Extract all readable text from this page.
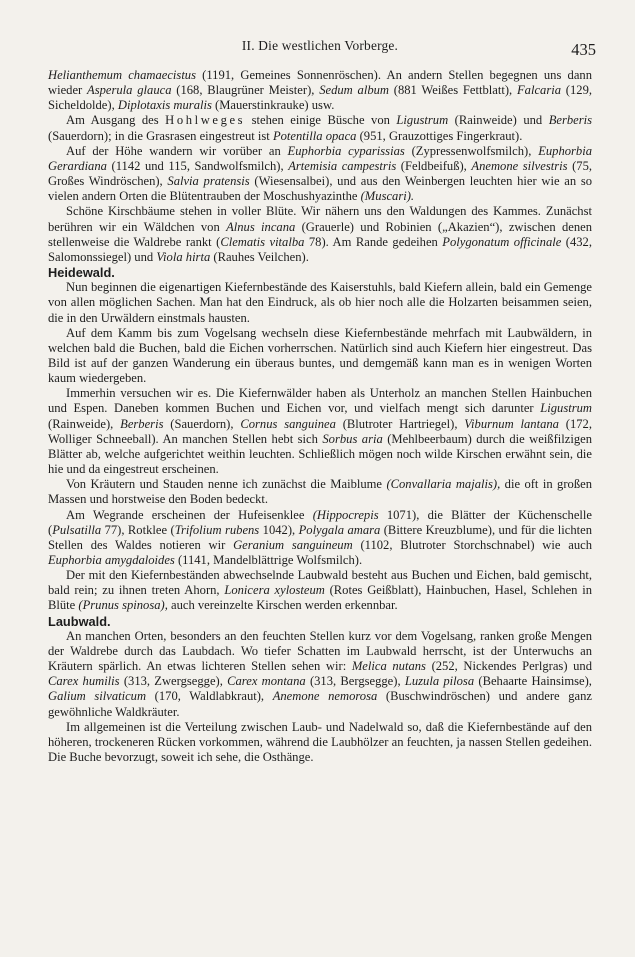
II. Die westlichen Vorberge.	435

Helianthemum chamaecistus (1191, Gemeines Sonnenröschen). An andern Stellen begegnen uns dann wieder Asperula glauca (168, Blaugrüner Meister), Sedum album (881 Weißes Fettblatt), Falcaria (129, Sicheldolde), Diplotaxis muralis (Mauerstinkrauke) usw.

Am Ausgang des Hohlweges stehen einige Büsche von Ligustrum (Rainweide) und Berberis (Sauerdorn); in die Grasrasen eingestreut ist Potentilla opaca (951, Grauzottiges Fingerkraut).

Auf der Höhe wandern wir vorüber an Euphorbia cyparissias (Zypressenwolfsmilch), Euphorbia Gerardiana (1142 und 115, Sandwolfsmilch), Artemisia campestris (Feldbeifuß), Anemone silvestris (75, Großes Windröschen), Salvia pratensis (Wiesensalbei), und aus den Weinbergen leuchten hier wie an so vielen andern Orten die Blütentrauben der Moschushyazinthe (Muscari).

Schöne Kirschbäume stehen in voller Blüte. Wir nähern uns den Waldungen des Kammes. Zunächst berühren wir ein Wäldchen von Alnus incana (Grauerle) und Robinien („Akazien“), zwischen denen stellenweise die Waldrebe rankt (Clematis vitalba 78). Am Rande gedeihen Polygonatum officinale (432, Salomonssiegel) und Viola hirta (Rauhes Veilchen).

Heidewald.

Nun beginnen die eigenartigen Kiefernbestände des Kaiserstuhls, bald Kiefern allein, bald ein Gemenge von allen möglichen Sachen. Man hat den Eindruck, als ob hier noch alle die Holzarten beisammen seien, die in den Urwäldern einstmals hausten.

Auf dem Kamm bis zum Vogelsang wechseln diese Kiefernbestände mehrfach mit Laubwäldern, in welchen bald die Buchen, bald die Eichen vorherrschen. Natürlich sind auch Kiefern hier eingestreut. Das Bild ist auf der ganzen Wanderung ein überaus buntes, und demgemäß kann man es in wenigen Worten kaum wiedergeben.

Immerhin versuchen wir es. Die Kiefernwälder haben als Unterholz an manchen Stellen Hainbuchen und Espen. Daneben kommen Buchen und Eichen vor, und vielfach mengt sich darunter Ligustrum (Rainweide), Berberis (Sauerdorn), Cornus sanguinea (Blutroter Hartriegel), Viburnum lantana (172, Wolliger Schneeball). An manchen Stellen hebt sich Sorbus aria (Mehlbeerbaum) durch die weißfilzigen Blätter ab, welche aufgerichtet weithin leuchten. Schließlich mögen noch wilde Kirschen erwähnt sein, die hie und da eingestreut erscheinen.

Von Kräutern und Stauden nenne ich zunächst die Maiblume (Convallaria majalis), die oft in großen Massen und horstweise den Boden bedeckt.

Am Wegrande erscheinen der Hufeisenklee (Hippocrepis 1071), die Blätter der Küchenschelle (Pulsatilla 77), Rotklee (Trifolium rubens 1042), Polygala amara (Bittere Kreuzblume), und für die lichten Stellen des Waldes notieren wir Geranium sanguineum (1102, Blutroter Storchschnabel) wie auch Euphorbia amygdaloides (1141, Mandelblättrige Wolfsmilch).

Der mit den Kiefernbeständen abwechselnde Laubwald besteht aus Buchen und Eichen, bald gemischt, bald rein; zu ihnen treten Ahorn, Lonicera xylosteum (Rotes Geißblatt), Hainbuchen, Hasel, Schlehen in Blüte (Prunus spinosa), auch vereinzelte Kirschen werden erkennbar.

Laubwald.

An manchen Orten, besonders an den feuchten Stellen kurz vor dem Vogelsang, ranken große Mengen der Waldrebe durch das Laubdach. Wo tiefer Schatten im Laubwald herrscht, ist der Unterwuchs an Kräutern spärlich. An etwas lichteren Stellen sehen wir: Melica nutans (252, Nickendes Perlgras) und Carex humilis (313, Zwergsegge), Carex montana (313, Bergsegge), Luzula pilosa (Behaarte Hainsimse), Galium silvaticum (170, Waldlabkraut), Anemone nemorosa (Buschwindröschen) und andere ganz gewöhnliche Waldkräuter.

Im allgemeinen ist die Verteilung zwischen Laub- und Nadelwald so, daß die Kiefernbestände auf den höheren, trockeneren Rücken vorkommen, während die Laubhölzer an feuchten, ja nassen Stellen gedeihen. Die Buche bevorzugt, soweit ich sehe, die Osthänge.
